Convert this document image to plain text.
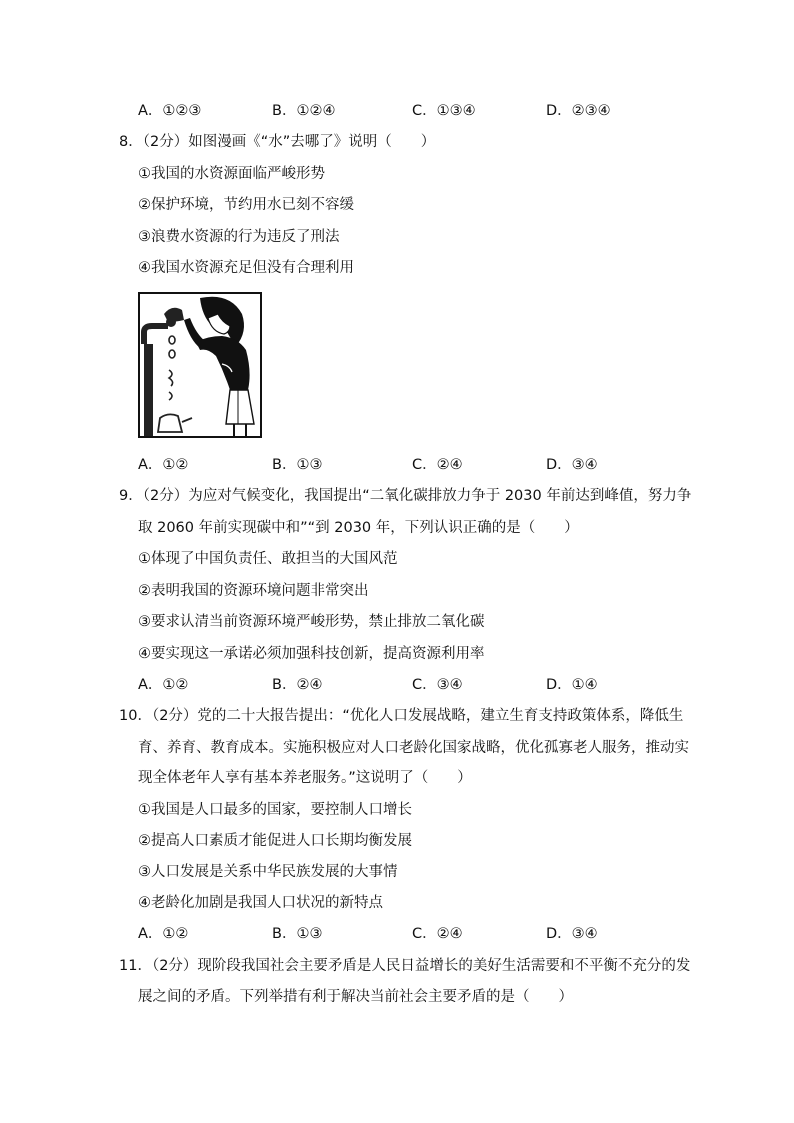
A．①②③	B．①②④	C．①③④	D．②③④
8．（2分）如图漫画《“水”去哪了》说明（　　）
①我国的水资源面临严峻形势
②保护环境，节约用水已刻不容缓
③浪费水资源的行为违反了刑法
④我国水资源充足但没有合理利用
A．①②	B．①③	C．②④	D．③④
9．（2分）为应对气候变化，我国提出“二氧化碳排放力争于 2030 年前达到峰值，努力争
取 2060 年前实现碳中和”“到 2030 年，下列认识正确的是（　　）
①体现了中国负责任、敢担当的大国风范
②表明我国的资源环境问题非常突出
③要求认清当前资源环境严峻形势，禁止排放二氧化碳
④要实现这一承诺必须加强科技创新，提高资源利用率
A．①②	B．②④	C．③④	D．①④
10．（2分）党的二十大报告提出：“优化人口发展战略，建立生育支持政策体系，降低生
育、养育、教育成本。实施积极应对人口老龄化国家战略，优化孤寡老人服务，推动实
现全体老年人享有基本养老服务。”这说明了（　　）
①我国是人口最多的国家，要控制人口增长
②提高人口素质才能促进人口长期均衡发展
③人口发展是关系中华民族发展的大事情
④老龄化加剧是我国人口状况的新特点
A．①②	B．①③	C．②④	D．③④
11．（2分）现阶段我国社会主要矛盾是人民日益增长的美好生活需要和不平衡不充分的发
展之间的矛盾。下列举措有利于解决当前社会主要矛盾的是（　　）
